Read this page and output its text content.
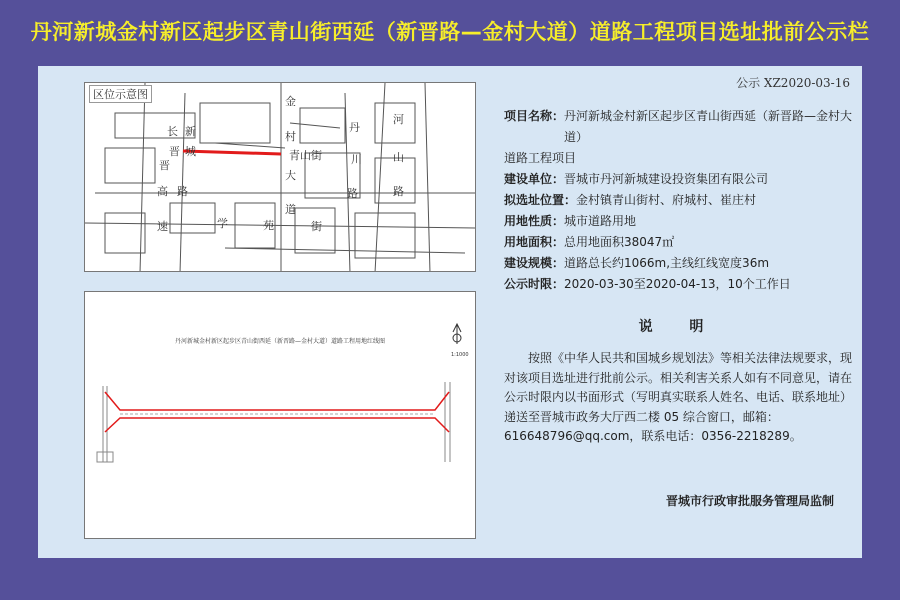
丹河新城金村新区起步区青山街西延（新晋路—金村大道）道路工程项目选址批前公示栏
公示 XZ2020-03-16
区位示意图
晋 城
长 新
晋
高 路
速
金
村
大
道
街
青山街
丹
川
路
河
山
路
学	苑
丹河新城金村新区起步区青山街西延（新晋路—金村大道）道路工程用地红线图
1:1000
项目名称： 丹河新城金村新区起步区青山街西延（新晋路—金村大道）
道路工程项目
建设单位： 晋城市丹河新城建设投资集团有限公司
拟选址位置： 金村镇青山街村、府城村、崔庄村
用地性质： 城市道路用地
用地面积： 总用地面积38047㎡
建设规模： 道路总长约1066m,主线红线宽度36m
公示时限： 2020-03-30至2020-04-13，10个工作日
说 明

按照《中华人民共和国城乡规划法》等相关法律法规要求，现对该项目选址进行批前公示。相关利害关系人如有不同意见，请在公示时限内以书面形式（写明真实联系人姓名、电话、联系地址）递送至晋城市政务大厅西二楼 05 综合窗口，邮箱：616648796@qq.com，联系电话：0356-2218289。

晋城市行政审批服务管理局监制
